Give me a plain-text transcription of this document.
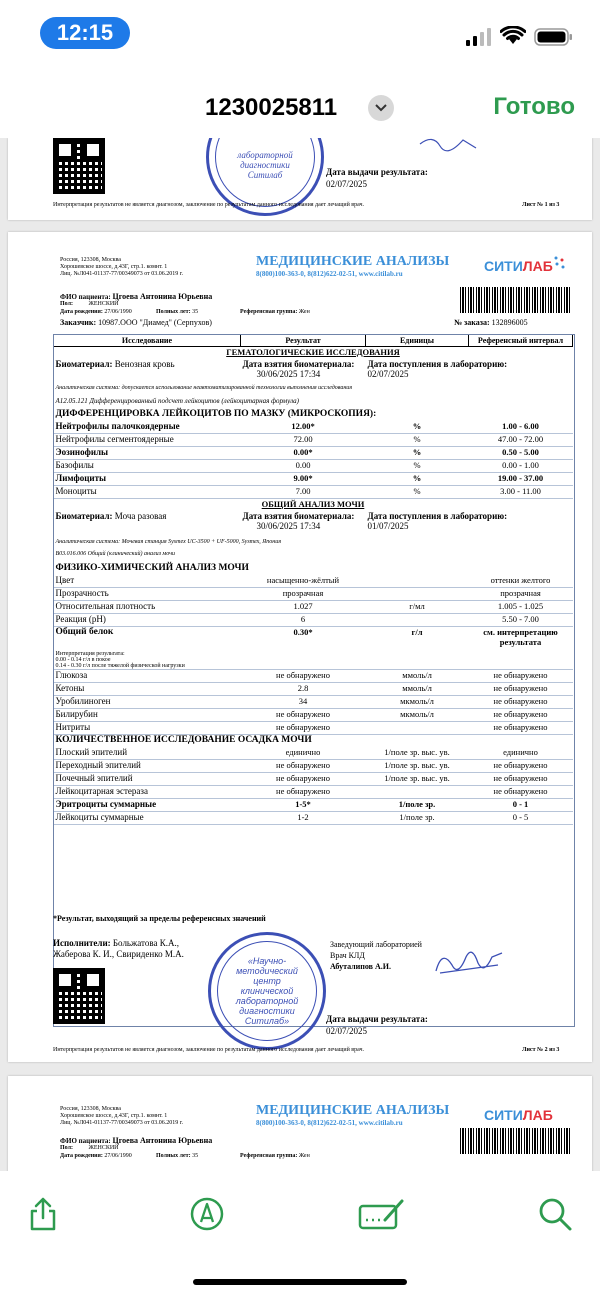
12:15
1230025811	Готово
лабораторной диагностики Ситилаб	Дата выдачи результата:
02/07/2025
Интерпретация результатов не является диагнозом, заключение по результатам данного исследования дает лечащий врач.	Лист № 1 из 3
Россия, 123308, Москва
Хорошевское шоссе, д.43Г, стр.1. комнт. 1
Лиц. №Л041-01137-77/00349073 от 03.06.2019 г.
МЕДИЦИНСКИЕ АНАЛИЗЫ
8(800)100-363-0, 8(812)622-02-51, www.citilab.ru	СИТИЛАБ
ФИО пациента: Цгоева Антонина Юрьевна
Пол:	ЖЕНСКИЙ
Дата рождения: 27/06/1990	Полных лет: 35	Референсная группа: Жен
Заказчик: 10987.ООО "Диамед" (Серпухов)	№ заказа: 132896005
Исследование	Результат	Единицы	Референсный интервал
ГЕМАТОЛОГИЧЕСКИЕ ИССЛЕДОВАНИЯ			
Биоматериал: Венозная кровь	Дата взятия биоматериала:
30/06/2025 17:34	Дата поступления в лабораторию:
02/07/2025	

Аналитическая система: допускается использование неавтоматизированной технологии выполнения исследования			
A12.05.121 Дифференцированный подсчет лейкоцитов (лейкоцитарная формула)			
ДИФФЕРЕНЦИРОВКА ЛЕЙКОЦИТОВ ПО МАЗКУ (МИКРОСКОПИЯ):			
Нейтрофилы палочкоядерные	12.00*	%	1.00 - 6.00
Нейтрофилы сегментоядерные	72.00	%	47.00 - 72.00
Эозинофилы	0.00*	%	0.50 - 5.00
Базофилы	0.00	%	0.00 - 1.00
Лимфоциты	9.00*	%	19.00 - 37.00
Моноциты	7.00	%	3.00 - 11.00
ОБЩИЙ АНАЛИЗ МОЧИ			
Биоматериал: Моча разовая	Дата взятия биоматериала:
30/06/2025 17:34	Дата поступления в лабораторию:
01/07/2025	

Аналитическая система: Мочевая станция Sysmex UC-3500 + UF-5000, Sysmex, Япония			
B03.016.006 Общий (клинический) анализ мочи			
ФИЗИКО-ХИМИЧЕСКИЙ АНАЛИЗ МОЧИ			
Цвет	насыщенно-жёлтый		оттенки желтого
Прозрачность	прозрачная		прозрачная
Относительная плотность	1.027	г/мл	1.005 - 1.025
Реакция (pH)	6		5.50 - 7.00
Общий белок	0.30*	г/л	см. интерпретацию результата
Интерпретация результата:
0.00 - 0.14 г/л в покое
0.14 - 0.30 г/л после тяжелой физической нагрузки			
Глюкоза	не обнаружено	ммоль/л	не обнаружено
Кетоны	2.8	ммоль/л	не обнаружено
Уробилиноген	34	мкмоль/л	не обнаружено
Билирубин	не обнаружено	мкмоль/л	не обнаружено
Нитриты	не обнаружено		не обнаружено
КОЛИЧЕСТВЕННОЕ ИССЛЕДОВАНИЕ ОСАДКА МОЧИ			
Плоский эпителий	единично	1/поле зр. выс. ув.	единично
Переходный эпителий	не обнаружено	1/поле зр. выс. ув.	не обнаружено
Почечный эпителий	не обнаружено	1/поле зр. выс. ув.	не обнаружено
Лейкоцитарная эстераза	не обнаружено		не обнаружено
Эритроциты суммарные	1-5*	1/поле зр.	0 - 1
Лейкоциты суммарные	1-2	1/поле зр.	0 - 5
*Результат, выходящий за пределы референсных значений
Исполнители: Больжатова К.А.,
Жаберова К. И., Свириденко М.А.
«Научно-методический центр клинической лабораторной диагностики Ситилаб»
Заведующий лабораторией
Врач КЛД
Абуталипов А.И.
Дата выдачи результата:
02/07/2025
Интерпретация результатов не является диагнозом, заключение по результатам данного исследования дает лечащий врач.	Лист № 2 из 3
Россия, 123308, Москва
Хорошевское шоссе, д.43Г, стр.1. комнт. 1
Лиц. №Л041-01137-77/00349073 от 03.06.2019 г.
МЕДИЦИНСКИЕ АНАЛИЗЫ
8(800)100-363-0, 8(812)622-02-51, www.citilab.ru	СИТИЛАБ
ФИО пациента: Цгоева Антонина Юрьевна
Пол:	ЖЕНСКИЙ
Дата рождения: 27/06/1990	Полных лет: 35	Референсная группа: Жен
